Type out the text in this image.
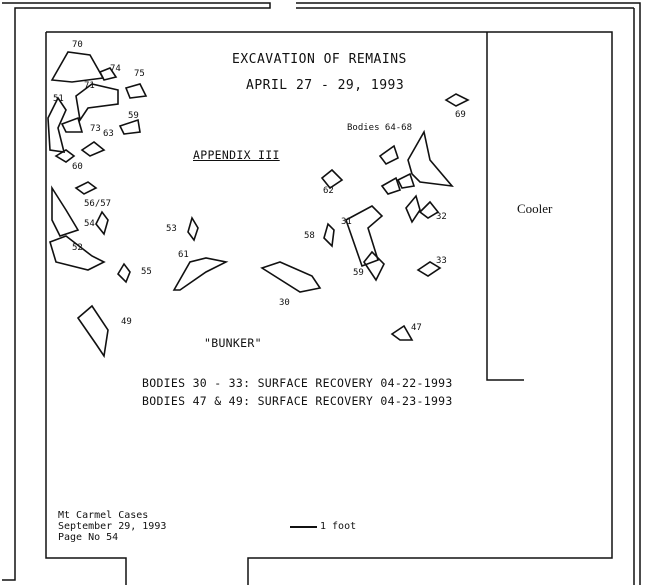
EXCAVATION OF REMAINS
APRIL 27 - 29, 1993
APPENDIX III
Bodies 64-68
Cooler
"BUNKER"
BODIES 30 - 33: SURFACE RECOVERY 04-22-1993
BODIES 47 & 49: SURFACE RECOVERY 04-23-1993
70
74 75
71
51
59
73 63
60
69
62
56/57
54
52
53
61
55
58
31	32
59
33
30
49
47
Mt Carmel Cases
September 29, 1993
Page No 54
1 foot
